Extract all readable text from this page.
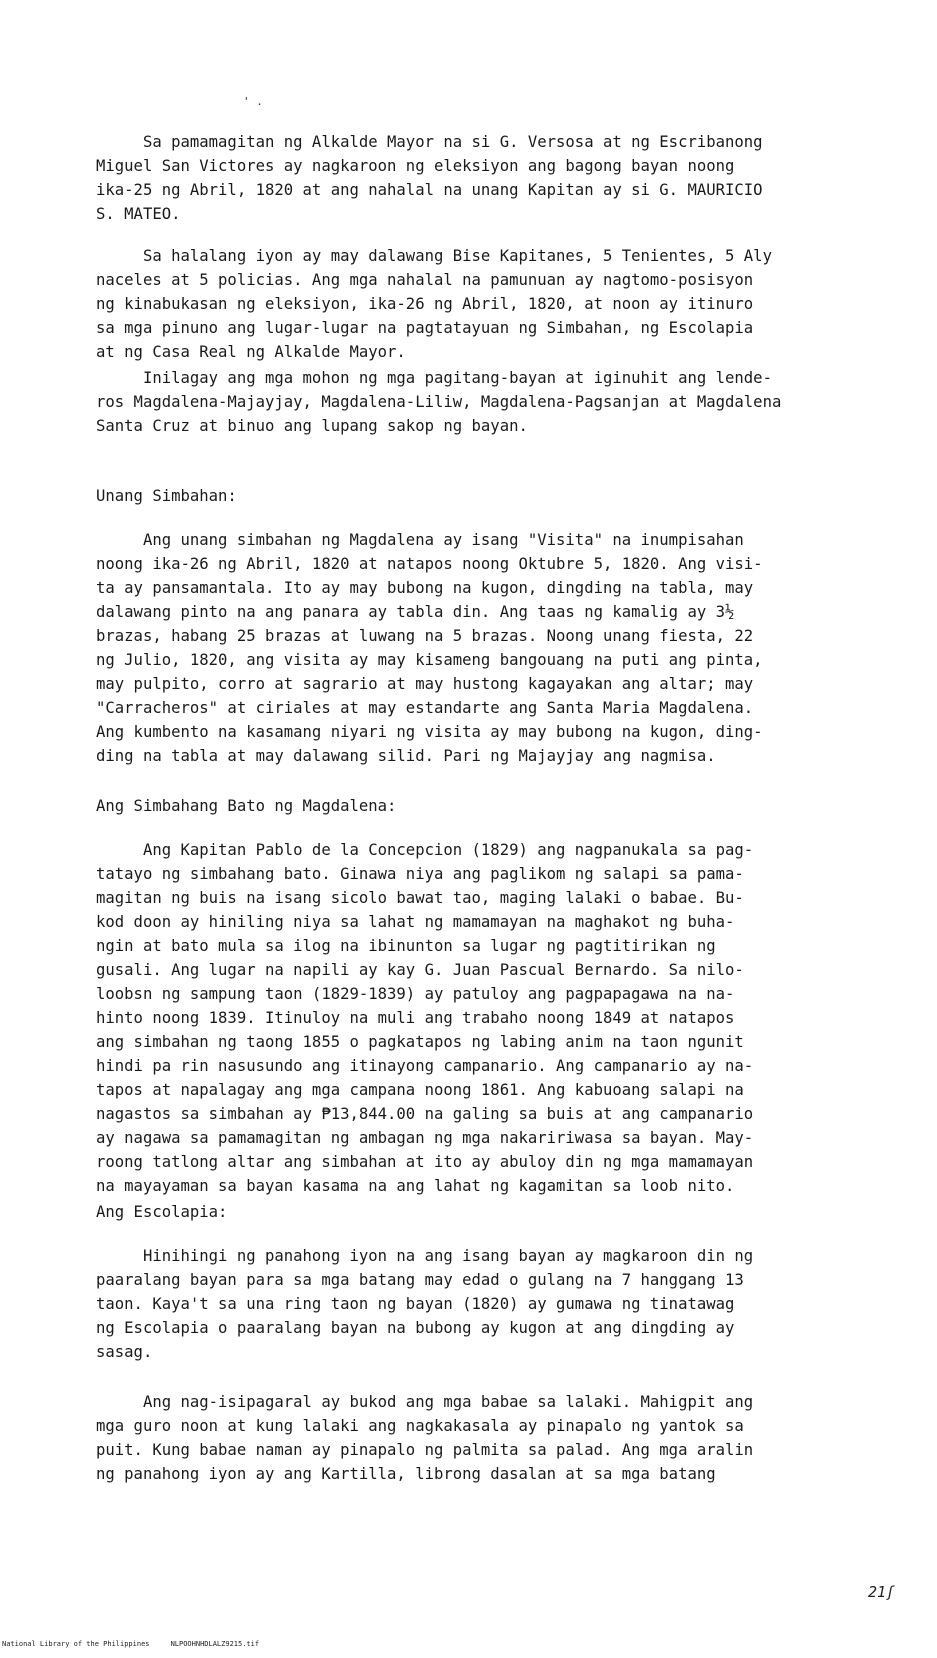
' .

Sa pamamagitan ng Alkalde Mayor na si G. Versosa at ng Escribanong
Miguel San Victores ay nagkaroon ng eleksiyon ang bagong bayan noong
ika-25 ng Abril, 1820 at ang nahalal na unang Kapitan ay si G. MAURICIO
S. MATEO.

Sa halalang iyon ay may dalawang Bise Kapitanes, 5 Tenientes, 5 Aly
naceles at 5 policias. Ang mga nahalal na pamunuan ay nagtomo-posisyon
ng kinabukasan ng eleksiyon, ika-26 ng Abril, 1820, at noon ay itinuro
sa mga pinuno ang lugar-lugar na pagtatayuan ng Simbahan, ng Escolapia
at ng Casa Real ng Alkalde Mayor.

Inilagay ang mga mohon ng mga pagitang-bayan at iginuhit ang lende-
ros Magdalena-Majayjay, Magdalena-Liliw, Magdalena-Pagsanjan at Magdalena
Santa Cruz at binuo ang lupang sakop ng bayan.

Unang Simbahan:

Ang unang simbahan ng Magdalena ay isang "Visita" na inumpisahan
noong ika-26 ng Abril, 1820 at natapos noong Oktubre 5, 1820. Ang visi-
ta ay pansamantala. Ito ay may bubong na kugon, dingding na tabla, may
dalawang pinto na ang panara ay tabla din. Ang taas ng kamalig ay 3½
brazas, habang 25 brazas at luwang na 5 brazas. Noong unang fiesta, 22
ng Julio, 1820, ang visita ay may kisameng bangouang na puti ang pinta,
may pulpito, corro at sagrario at may hustong kagayakan ang altar; may
"Carracheros" at ciriales at may estandarte ang Santa Maria Magdalena.
Ang kumbento na kasamang niyari ng visita ay may bubong na kugon, ding-
ding na tabla at may dalawang silid. Pari ng Majayjay ang nagmisa.

Ang Simbahang Bato ng Magdalena:

Ang Kapitan Pablo de la Concepcion (1829) ang nagpanukala sa pag-
tatayo ng simbahang bato. Ginawa niya ang paglikom ng salapi sa pama-
magitan ng buis na isang sicolo bawat tao, maging lalaki o babae. Bu-
kod doon ay hiniling niya sa lahat ng mamamayan na maghakot ng buha-
ngin at bato mula sa ilog na ibinunton sa lugar ng pagtitirikan ng
gusali. Ang lugar na napili ay kay G. Juan Pascual Bernardo. Sa nilo-
loobsn ng sampung taon (1829-1839) ay patuloy ang pagpapagawa na na-
hinto noong 1839. Itinuloy na muli ang trabaho noong 1849 at natapos
ang simbahan ng taong 1855 o pagkatapos ng labing anim na taon ngunit
hindi pa rin nasusundo ang itinayong campanario. Ang campanario ay na-
tapos at napalagay ang mga campana noong 1861. Ang kabuoang salapi na
nagastos sa simbahan ay ₱13,844.00 na galing sa buis at ang campanario
ay nagawa sa pamamagitan ng ambagan ng mga nakaririwasa sa bayan. May-
roong tatlong altar ang simbahan at ito ay abuloy din ng mga mamamayan
na mayayaman sa bayan kasama na ang lahat ng kagamitan sa loob nito.

Ang Escolapia:

Hinihingi ng panahong iyon na ang isang bayan ay magkaroon din ng
paaralang bayan para sa mga batang may edad o gulang na 7 hanggang 13
taon. Kaya't sa una ring taon ng bayan (1820) ay gumawa ng tinatawag
ng Escolapia o paaralang bayan na bubong ay kugon at ang dingding ay
sasag.

Ang nag-isipagaral ay bukod ang mga babae sa lalaki. Mahigpit ang
mga guro noon at kung lalaki ang nagkakasala ay pinapalo ng yantok sa
puit. Kung babae naman ay pinapalo ng palmita sa palad. Ang mga aralin
ng panahong iyon ay ang Kartilla, librong dasalan at sa mga batang

21ʃ
National Library of the Philippines     NLPOOHNHDLALZ9215.tif
